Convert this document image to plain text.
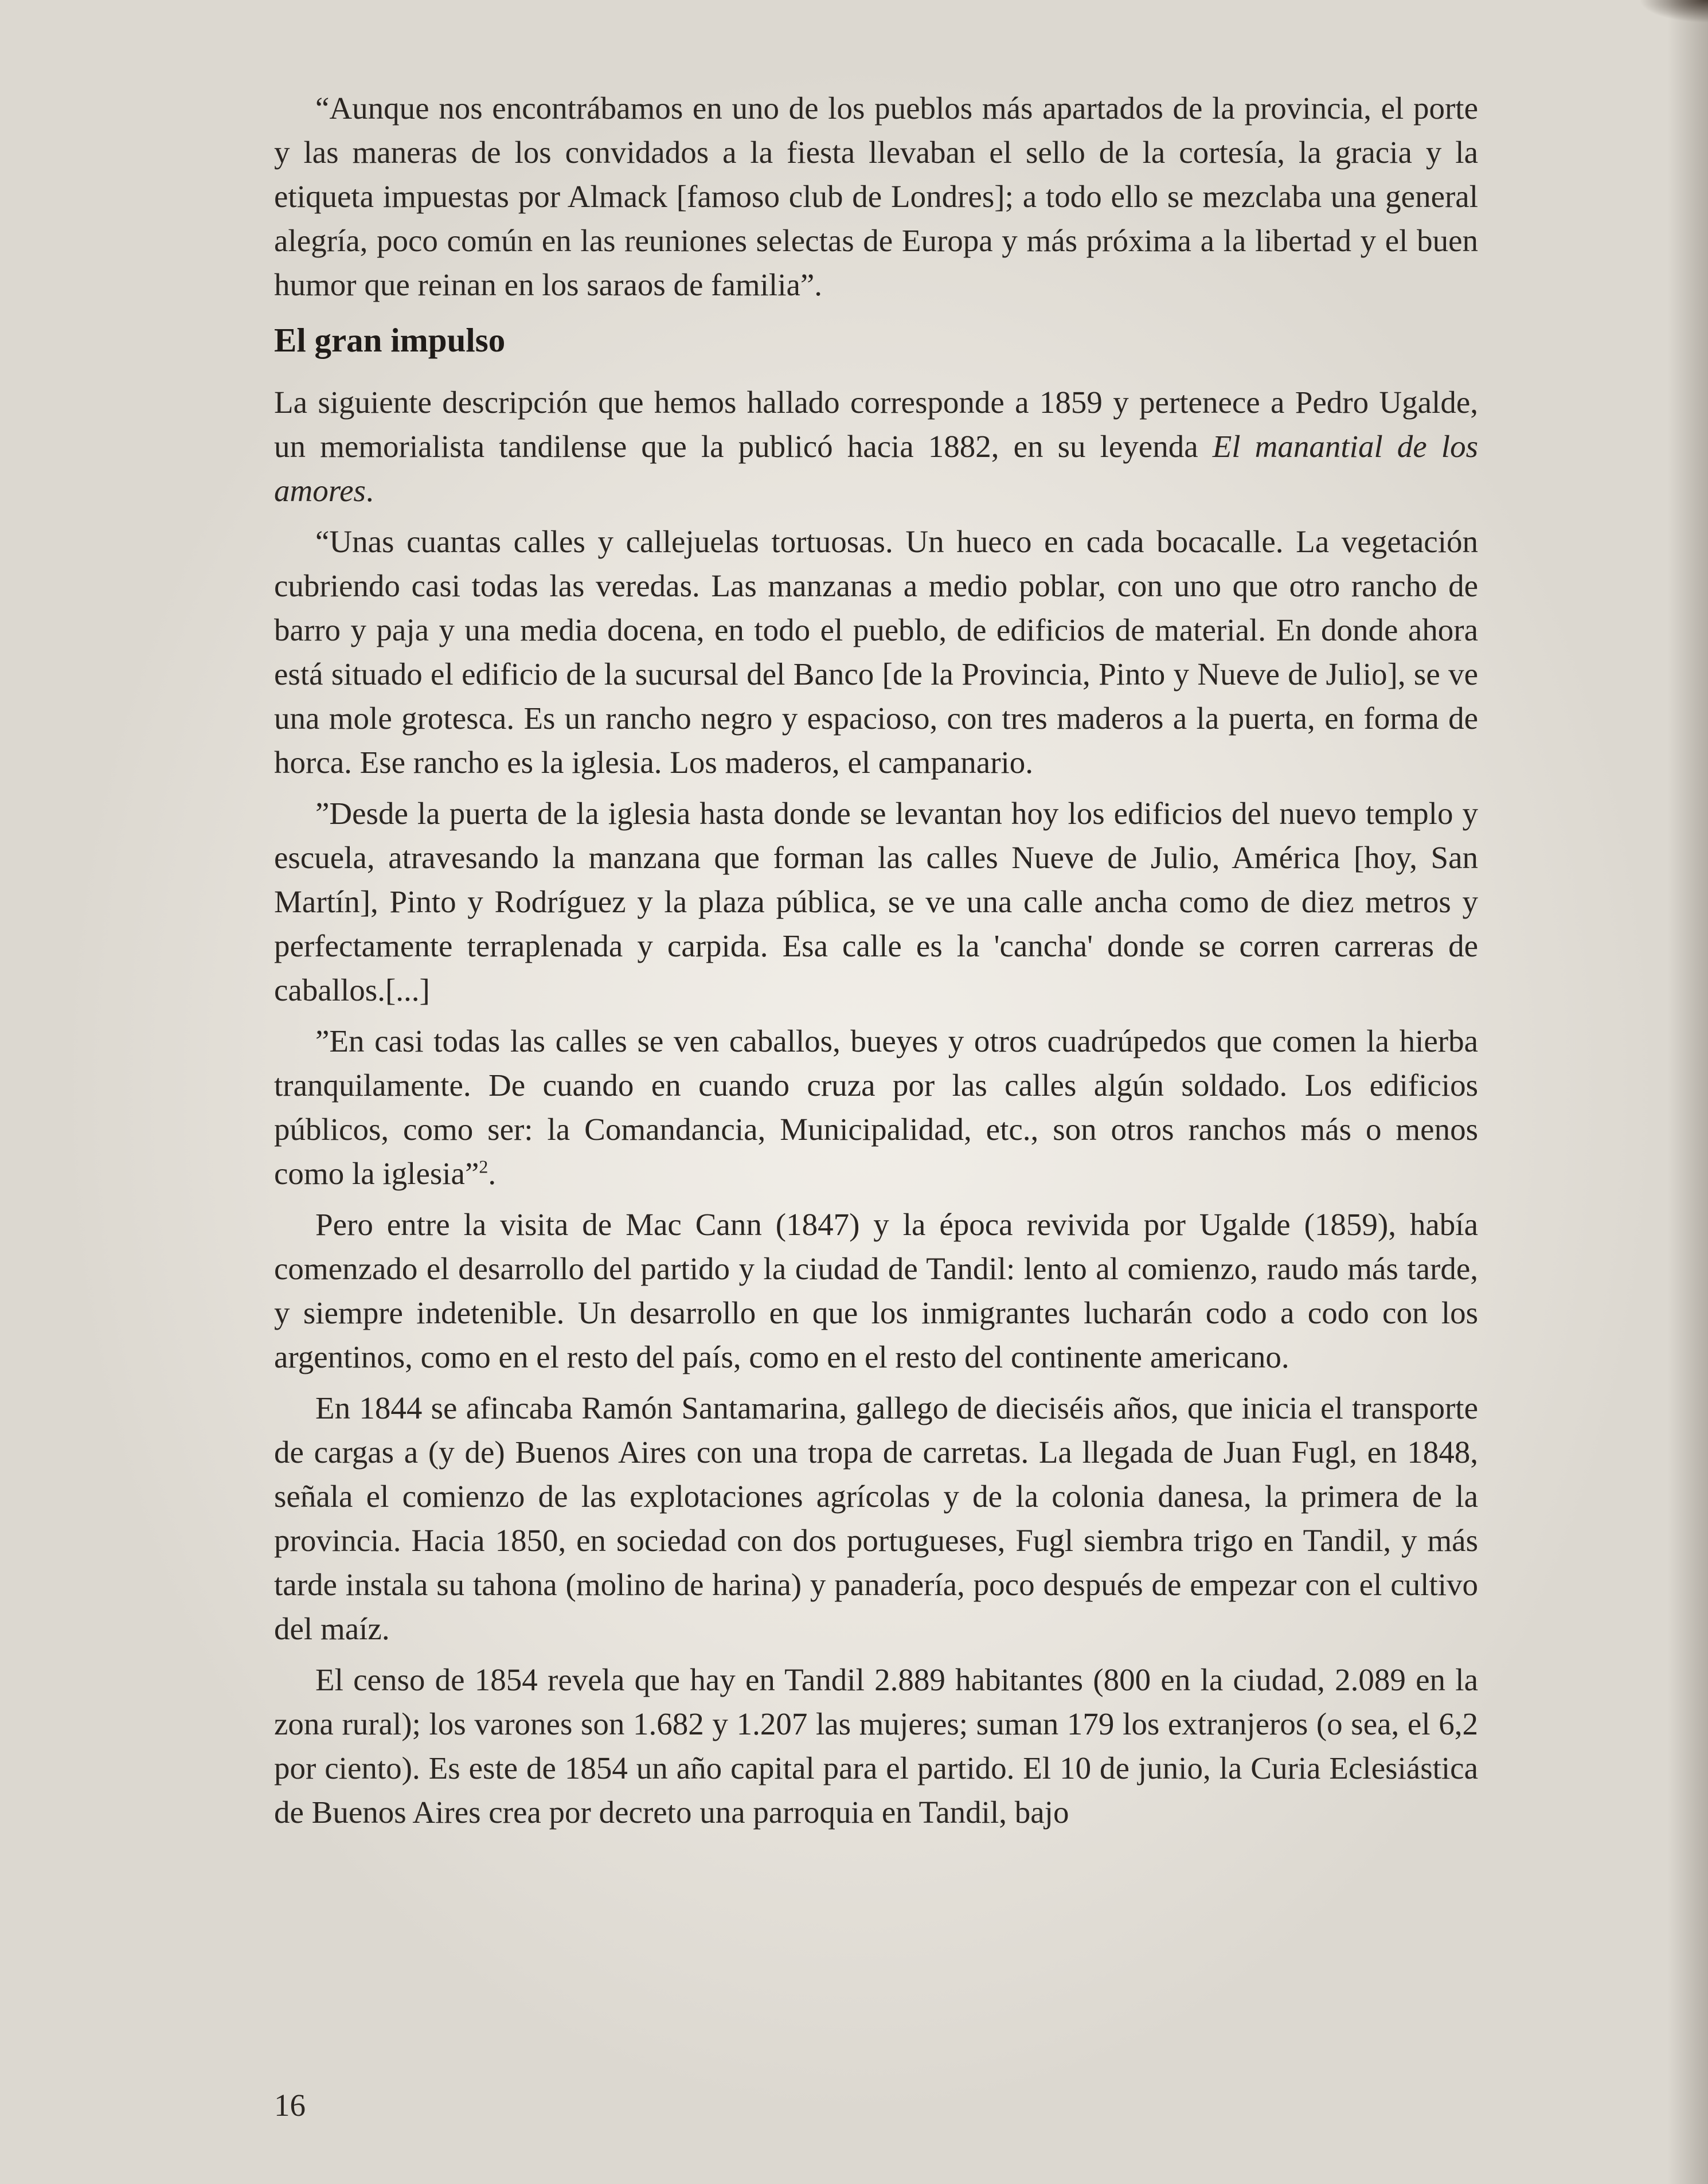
“Aunque nos encontrábamos en uno de los pueblos más apartados de la provincia, el porte y las maneras de los convidados a la fiesta llevaban el sello de la cortesía, la gracia y la etiqueta impuestas por Almack [famoso club de Londres]; a todo ello se mezclaba una general alegría, poco común en las reuniones selectas de Europa y más próxima a la libertad y el buen humor que reinan en los saraos de familia”.

El gran impulso

La siguiente descripción que hemos hallado corresponde a 1859 y pertenece a Pedro Ugalde, un memorialista tandilense que la publicó hacia 1882, en su leyenda El manantial de los amores.

“Unas cuantas calles y callejuelas tortuosas. Un hueco en cada bocacalle. La vegetación cubriendo casi todas las veredas. Las manzanas a medio poblar, con uno que otro rancho de barro y paja y una media docena, en todo el pueblo, de edificios de material. En donde ahora está situado el edificio de la sucursal del Banco [de la Provincia, Pinto y Nueve de Julio], se ve una mole grotesca. Es un rancho negro y espacioso, con tres maderos a la puerta, en forma de horca. Ese rancho es la iglesia. Los maderos, el campanario.

”Desde la puerta de la iglesia hasta donde se levantan hoy los edificios del nuevo templo y escuela, atravesando la manzana que forman las calles Nueve de Julio, América [hoy, San Martín], Pinto y Rodríguez y la plaza pública, se ve una calle ancha como de diez metros y perfectamente terraplenada y carpida. Esa calle es la 'cancha' donde se corren carreras de caballos.[...]

”En casi todas las calles se ven caballos, bueyes y otros cuadrúpedos que comen la hierba tranquilamente. De cuando en cuando cruza por las calles algún soldado. Los edificios públicos, como ser: la Comandancia, Municipalidad, etc., son otros ranchos más o menos como la iglesia”$^2$.

Pero entre la visita de Mac Cann (1847) y la época revivida por Ugalde (1859), había comenzado el desarrollo del partido y la ciudad de Tandil: lento al comienzo, raudo más tarde, y siempre indetenible. Un desarrollo en que los inmigrantes lucharán codo a codo con los argentinos, como en el resto del país, como en el resto del continente americano.

En 1844 se afincaba Ramón Santamarina, gallego de dieciséis años, que inicia el transporte de cargas a (y de) Buenos Aires con una tropa de carretas. La llegada de Juan Fugl, en 1848, señala el comienzo de las explotaciones agrícolas y de la colonia danesa, la primera de la provincia. Hacia 1850, en sociedad con dos portugueses, Fugl siembra trigo en Tandil, y más tarde instala su tahona (molino de harina) y panadería, poco después de empezar con el cultivo del maíz.

El censo de 1854 revela que hay en Tandil 2.889 habitantes (800 en la ciudad, 2.089 en la zona rural); los varones son 1.682 y 1.207 las mujeres; suman 179 los extranjeros (o sea, el 6,2 por ciento). Es este de 1854 un año capital para el partido. El 10 de junio, la Curia Eclesiástica de Buenos Aires crea por decreto una parroquia en Tandil, bajo

16
